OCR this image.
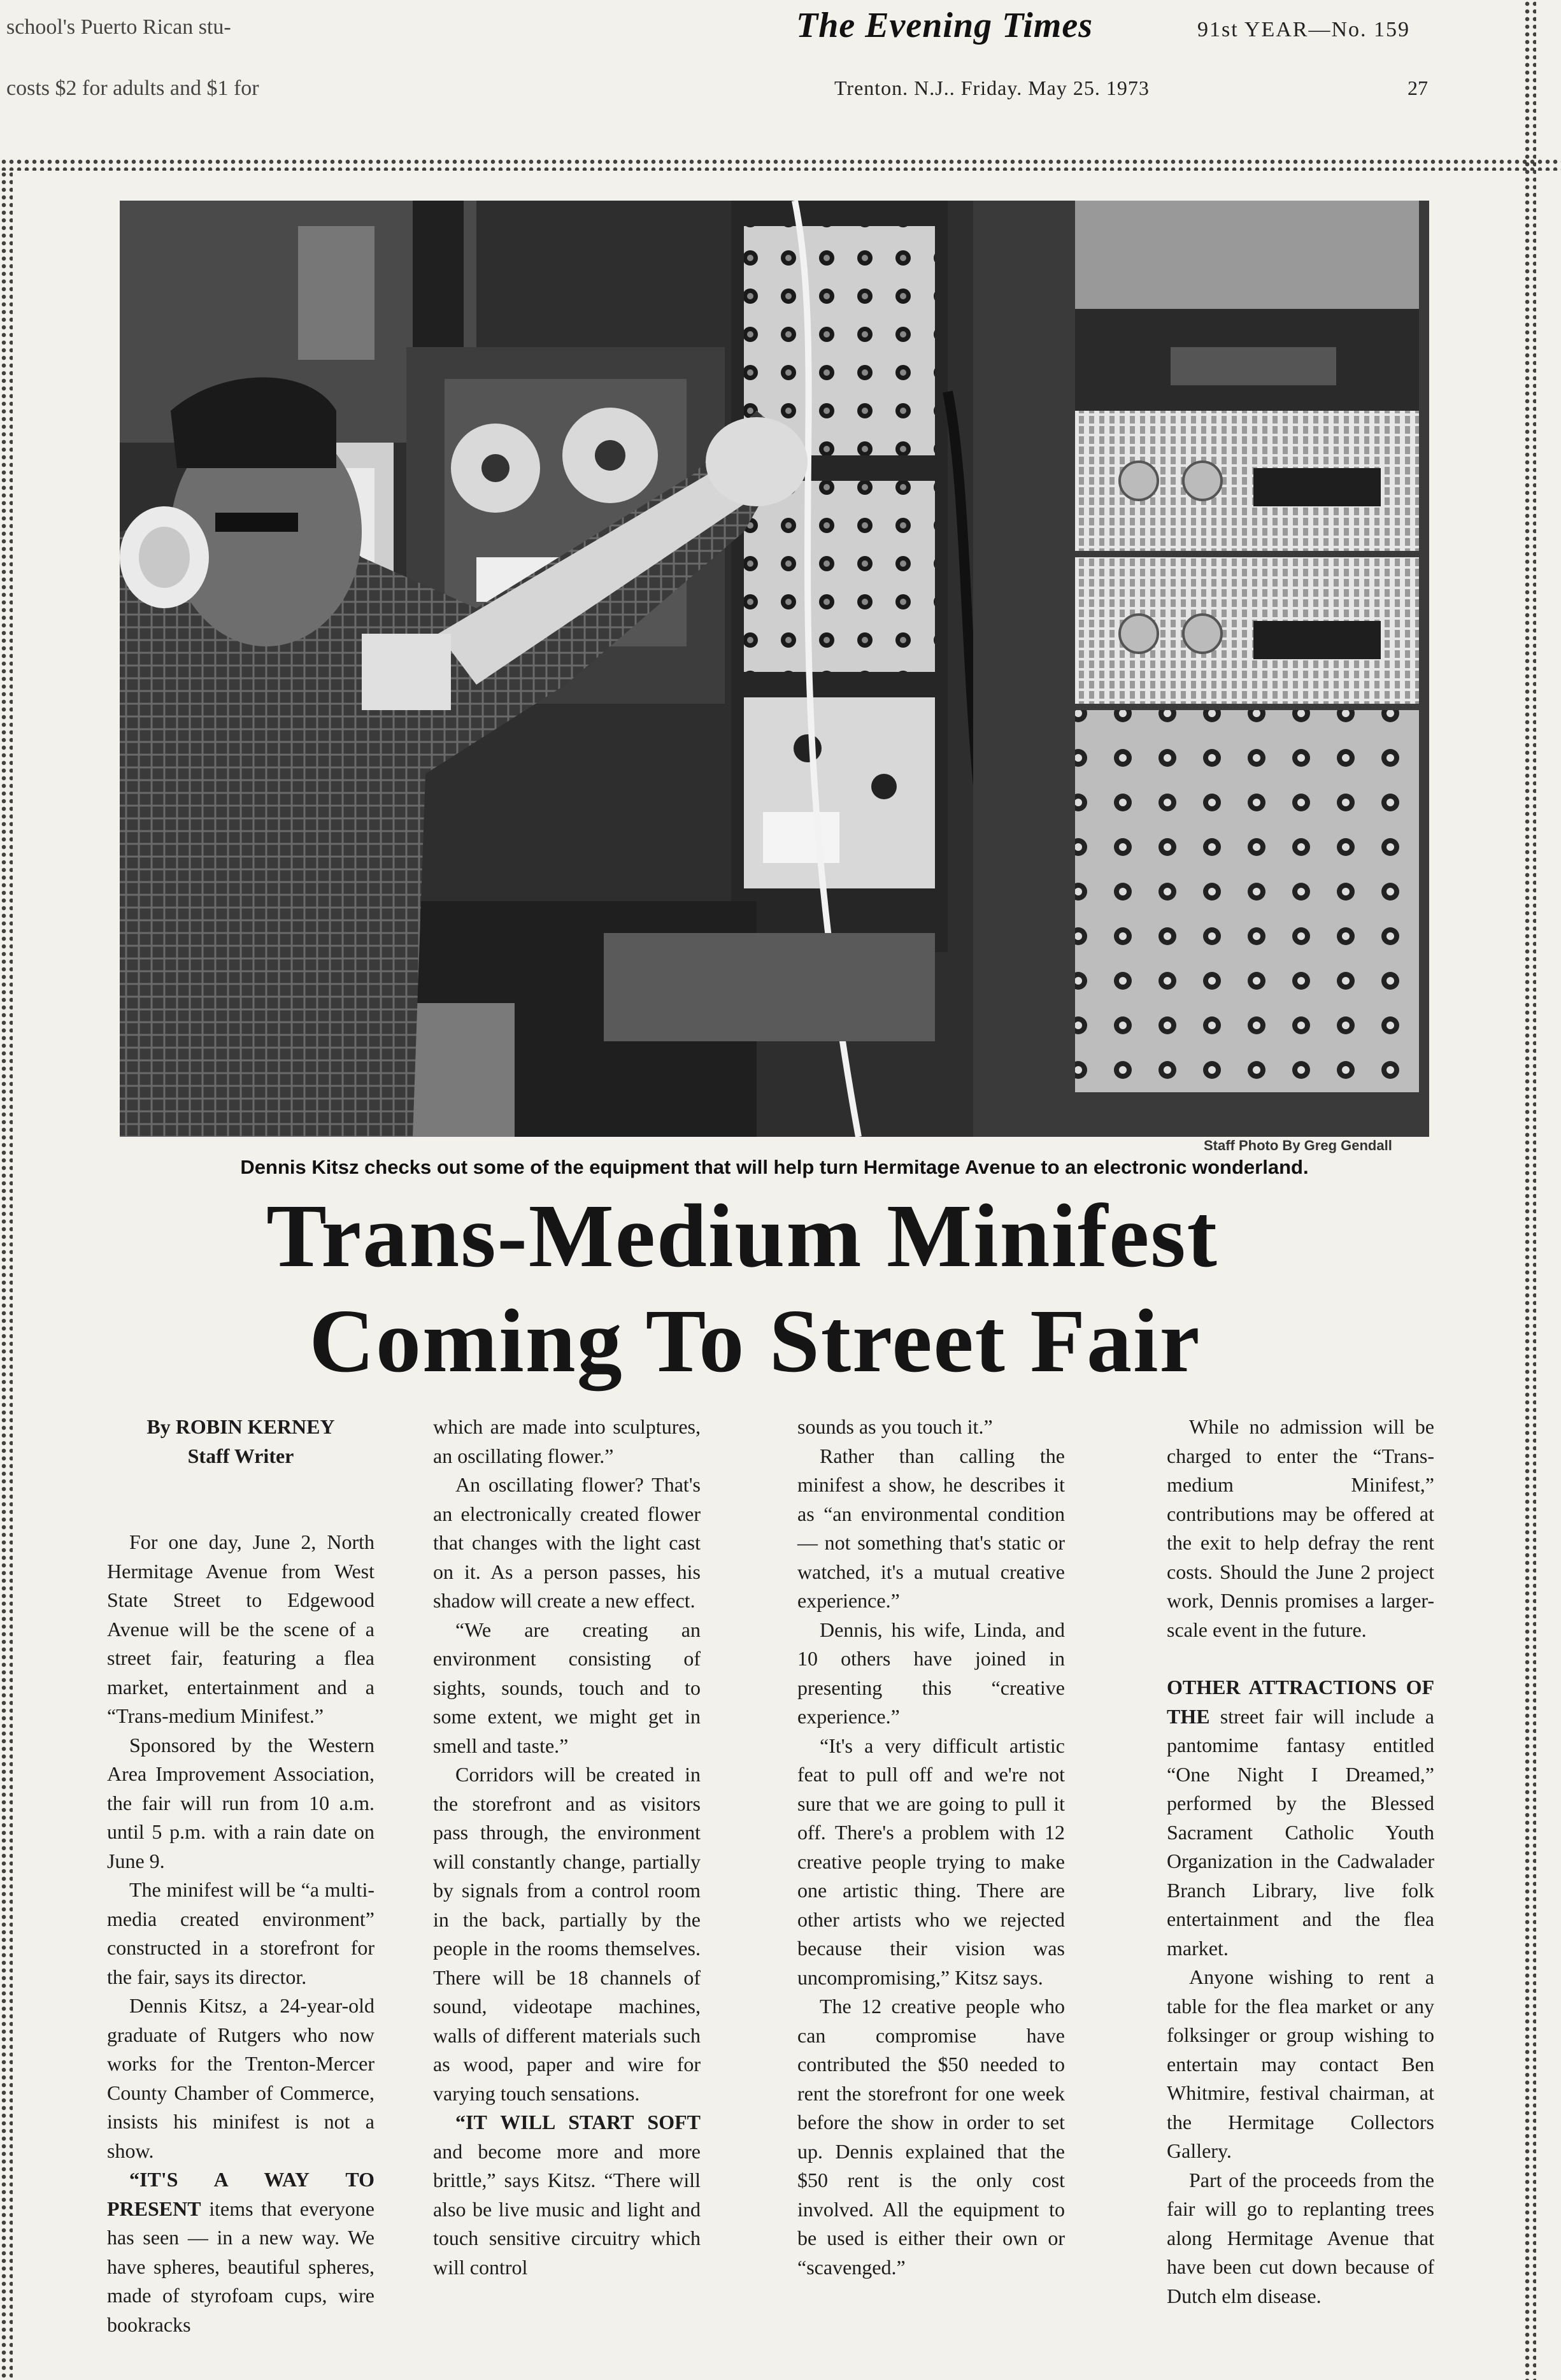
school's Puerto Rican stu-
costs $2 for adults and $1 for
The Evening Times
Trenton. N.J.. Friday. May 25. 1973
91st YEAR—No. 159
27
Staff Photo By Greg Gendall
Dennis Kitsz checks out some of the equipment that will help turn Hermitage Avenue to an electronic wonderland.
Trans-Medium Minifest
Coming To Street Fair

By ROBIN KERNEY

Staff Writer

For one day, June 2, North Hermitage Avenue from West State Street to Edgewood Avenue will be the scene of a street fair, featuring a flea market, entertainment and a “Trans-medium Minifest.”

Sponsored by the Western Area Improvement Association, the fair will run from 10 a.m. until 5 p.m. with a rain date on June 9.

The minifest will be “a multi-media created environment” constructed in a storefront for the fair, says its director.

Dennis Kitsz, a 24-year-old graduate of Rutgers who now works for the Trenton-Mercer County Chamber of Commerce, insists his minifest is not a show.

“IT'S A WAY TO PRESENT items that everyone has seen — in a new way. We have spheres, beautiful spheres, made of styrofoam cups, wire bookracks

which are made into sculptures, an oscillating flower.”

An oscillating flower? That's an electronically created flower that changes with the light cast on it. As a person passes, his shadow will create a new effect.

“We are creating an environment consisting of sights, sounds, touch and to some extent, we might get in smell and taste.”

Corridors will be created in the storefront and as visitors pass through, the environment will constantly change, partially by signals from a control room in the back, partially by the people in the rooms themselves. There will be 18 channels of sound, videotape machines, walls of different materials such as wood, paper and wire for varying touch sensations.

“IT WILL START SOFT and become more and more brittle,” says Kitsz. “There will also be live music and light and touch sensitive circuitry which will control

sounds as you touch it.”

Rather than calling the minifest a show, he describes it as “an environmental condition — not something that's static or watched, it's a mutual creative experience.”

Dennis, his wife, Linda, and 10 others have joined in presenting this “creative experience.”

“It's a very difficult artistic feat to pull off and we're not sure that we are going to pull it off. There's a problem with 12 creative people trying to make one artistic thing. There are other artists who we rejected because their vision was uncompromising,” Kitsz says.

The 12 creative people who can compromise have contributed the $50 needed to rent the storefront for one week before the show in order to set up. Dennis explained that the $50 rent is the only cost involved. All the equipment to be used is either their own or “scavenged.”

While no admission will be charged to enter the “Trans-medium Minifest,” contributions may be offered at the exit to help defray the rent costs. Should the June 2 project work, Dennis promises a larger-scale event in the future.

OTHER ATTRACTIONS OF THE street fair will include a pantomime fantasy entitled “One Night I Dreamed,” performed by the Blessed Sacrament Catholic Youth Organization in the Cadwalader Branch Library, live folk entertainment and the flea market.

Anyone wishing to rent a table for the flea market or any folksinger or group wishing to entertain may contact Ben Whitmire, festival chairman, at the Hermitage Collectors Gallery.

Part of the proceeds from the fair will go to replanting trees along Hermitage Avenue that have been cut down because of Dutch elm disease.
